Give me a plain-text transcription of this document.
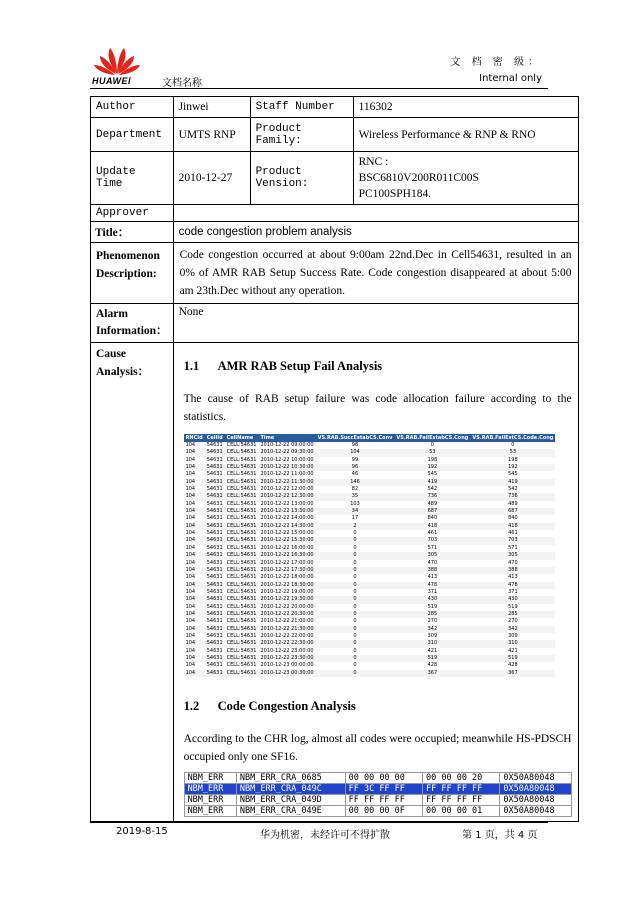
HUAWEI	文档名称
文 档 密 级：
Internal only
Author	Jinwei	Staff Number	116302
Department	UMTS RNP	Product Family:	Wireless Performance & RNP & RNO
Update Time	2010-12-27	Product Vension:	
RNC :
BSC6810V200R011C00S
PC100SPH184.

Approver	
Title：	code congestion problem analysis

Phenomenon
Description:
	Code congestion occurred at about 9:00am 22nd.Dec in Cell54631, resulted in an 0% of AMR RAB Setup Success Rate. Code congestion disappeared at about 5:00 am 23th.Dec without any operation.

Alarm
Information：
	None

Cause
Analysis：	1.1 AMR RAB Setup Fail Analysis

The cause of RAB setup failure was code allocation failure according to the statistics.

RNCId	CellId	CellName	Time	VS.RAB.SuccEstabCS.Conv	VS.RAB.FailEstabCS.Cong	VS.RAB.FailEstCS.Code.Cong
104	54631	CELL:54631	2010-12-22 09:00:00	98	0	0
104	54631	CELL:54631	2010-12-22 09:30:00	104	53	53
104	54631	CELL:54631	2010-12-22 10:00:00	99	198	198
104	54631	CELL:54631	2010-12-22 10:30:00	96	192	192
104	54631	CELL:54631	2010-12-22 11:00:00	46	545	545
104	54631	CELL:54631	2010-12-22 11:30:00	146	419	419
104	54631	CELL:54631	2010-12-22 12:00:00	82	542	542
104	54631	CELL:54631	2010-12-22 12:30:00	35	736	736
104	54631	CELL:54631	2010-12-22 13:00:00	103	489	489
104	54631	CELL:54631	2010-12-22 13:30:00	34	687	687
104	54631	CELL:54631	2010-12-22 14:00:00	17	840	840
104	54631	CELL:54631	2010-12-22 14:30:00	2	418	418
104	54631	CELL:54631	2010-12-22 15:00:00	0	461	461
104	54631	CELL:54631	2010-12-22 15:30:00	0	703	703
104	54631	CELL:54631	2010-12-22 16:00:00	0	571	571
104	54631	CELL:54631	2010-12-22 16:30:00	0	305	305
104	54631	CELL:54631	2010-12-22 17:00:00	0	470	470
104	54631	CELL:54631	2010-12-22 17:30:00	0	388	388
104	54631	CELL:54631	2010-12-22 18:00:00	0	413	413
104	54631	CELL:54631	2010-12-22 18:30:00	0	478	478
104	54631	CELL:54631	2010-12-22 19:00:00	0	371	371
104	54631	CELL:54631	2010-12-22 19:30:00	0	430	430
104	54631	CELL:54631	2010-12-22 20:00:00	0	519	519
104	54631	CELL:54631	2010-12-22 20:30:00	0	285	285
104	54631	CELL:54631	2010-12-22 21:00:00	0	270	270
104	54631	CELL:54631	2010-12-22 21:30:00	0	342	342
104	54631	CELL:54631	2010-12-22 22:00:00	0	309	309
104	54631	CELL:54631	2010-12-22 22:30:00	0	310	310
104	54631	CELL:54631	2010-12-22 23:00:00	0	421	421
104	54631	CELL:54631	2010-12-22 23:30:00	0	519	519
104	54631	CELL:54631	2010-12-23 00:00:00	0	428	428
104	54631	CELL:54631	2010-12-23 00:30:00	0	367	367
1.2 Code Congestion Analysis

According to the CHR log, almost all codes were occupied; meanwhile HS-PDSCH occupied only one SF16.

NBM_ERR	NBM_ERR_CRA_0685	00 00 00 00	00 00 00 20	0X50A80048
NBM_ERR	NBM_ERR_CRA_049C	FF 3C FF FF	FF FF FF FF	0X50A80048
NBM_ERR	NBM_ERR_CRA_049D	FF FF FF FF	FF FF FF FF	0X50A80048
NBM_ERR	NBM_ERR_CRA_049E	00 00 00 0F	00 00 00 01	0X50A80048
2019-8-15	华为机密，未经许可不得扩散	第 1 页，共 4 页
